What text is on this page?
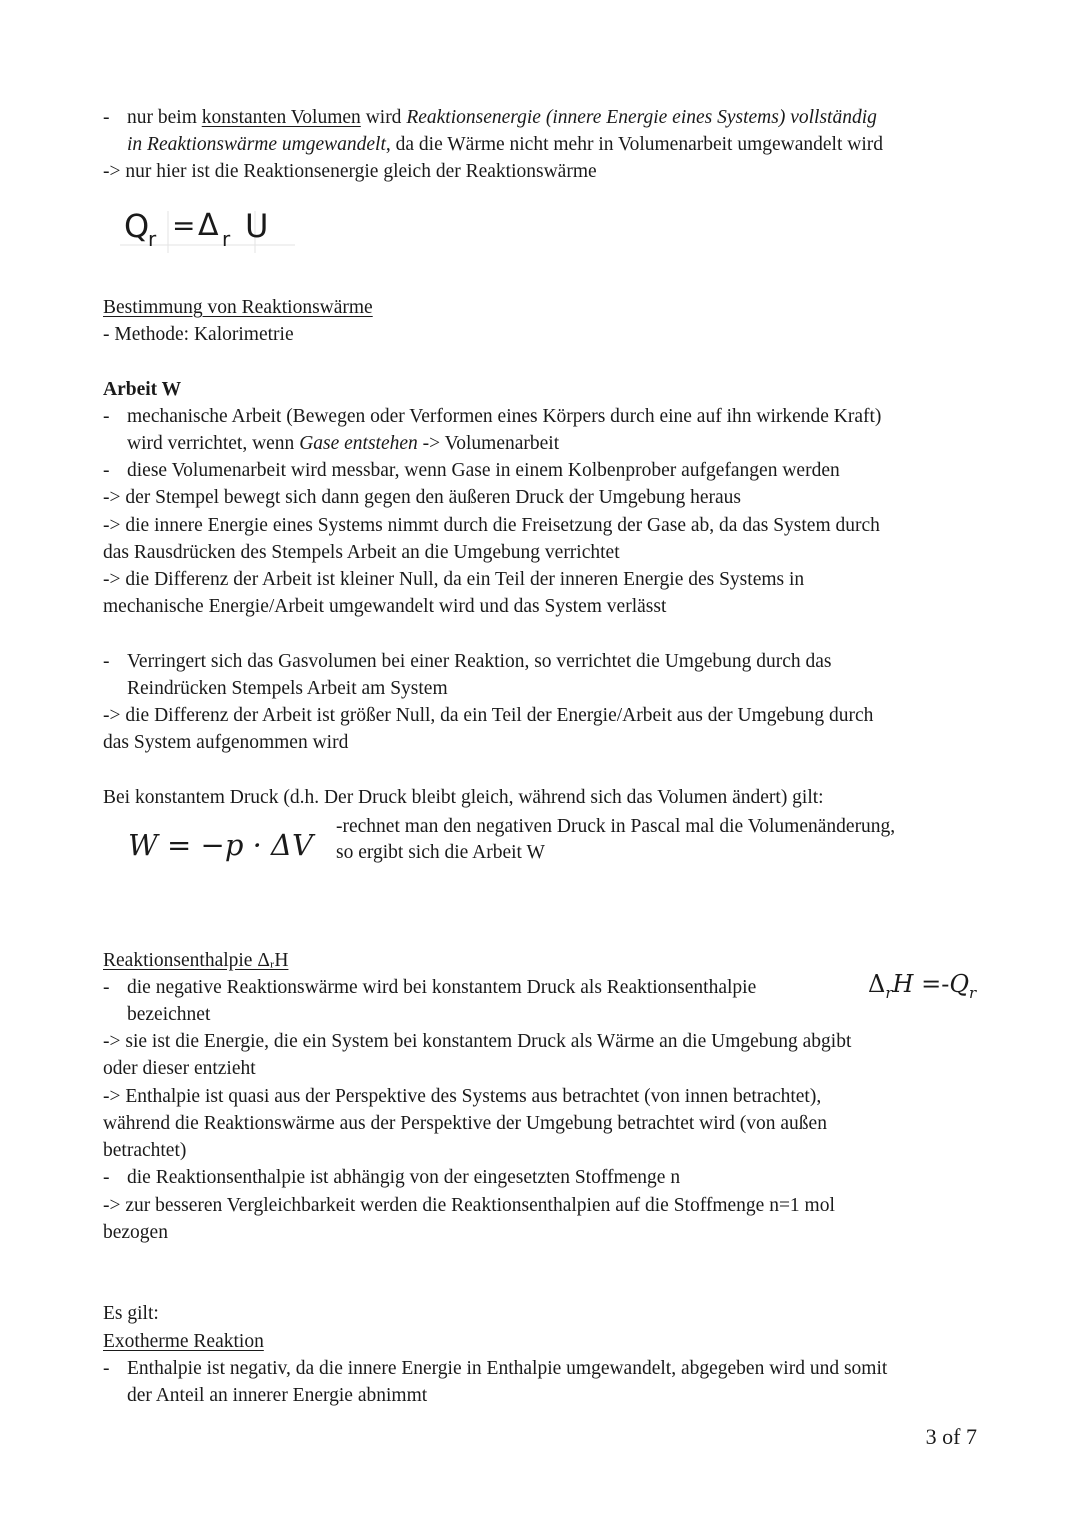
- nur beim konstanten Volumen wird Reaktionsenergie (innere Energie eines Systems) vollständig
in Reaktionswärme umgewandelt, da die Wärme nicht mehr in Volumenarbeit umgewandelt wird
-> nur hier ist die Reaktionsenergie gleich der Reaktionswärme
Q
r = Δ r U
Bestimmung von Reaktionswärme
- Methode: Kalorimetrie
Arbeit W
- mechanische Arbeit (Bewegen oder Verformen eines Körpers durch eine auf ihn wirkende Kraft)
wird verrichtet, wenn Gase entstehen -> Volumenarbeit
- diese Volumenarbeit wird messbar, wenn Gase in einem Kolbenprober aufgefangen werden
-> der Stempel bewegt sich dann gegen den äußeren Druck der Umgebung heraus
-> die innere Energie eines Systems nimmt durch die Freisetzung der Gase ab, da das System durch
das Rausdrücken des Stempels Arbeit an die Umgebung verrichtet
-> die Differenz der Arbeit ist kleiner Null, da ein Teil der inneren Energie des Systems in
mechanische Energie/Arbeit umgewandelt wird und das System verlässt
- Verringert sich das Gasvolumen bei einer Reaktion, so verrichtet die Umgebung durch das
Reindrücken Stempels Arbeit am System
-> die Differenz der Arbeit ist größer Null, da ein Teil der Energie/Arbeit aus der Umgebung durch
das System aufgenommen wird
Bei konstantem Druck (d.h. Der Druck bleibt gleich, während sich das Volumen ändert) gilt:
W = −p · ΔV
-rechnet man den negativen Druck in Pascal mal die Volumenänderung,
so ergibt sich die Arbeit W
Reaktionsenthalpie ΔᵣH
$\Delta_rH =-Q_r$
- die negative Reaktionswärme wird bei konstantem Druck als Reaktionsenthalpie
bezeichnet
-> sie ist die Energie, die ein System bei konstantem Druck als Wärme an die Umgebung abgibt
oder dieser entzieht
-> Enthalpie ist quasi aus der Perspektive des Systems aus betrachtet (von innen betrachtet),
während die Reaktionswärme aus der Perspektive der Umgebung betrachtet wird (von außen
betrachtet)
- die Reaktionsenthalpie ist abhängig von der eingesetzten Stoffmenge n
-> zur besseren Vergleichbarkeit werden die Reaktionsenthalpien auf die Stoffmenge n=1 mol
bezogen
Es gilt:
Exotherme Reaktion
- Enthalpie ist negativ, da die innere Energie in Enthalpie umgewandelt, abgegeben wird und somit
der Anteil an innerer Energie abnimmt
3 of 7
